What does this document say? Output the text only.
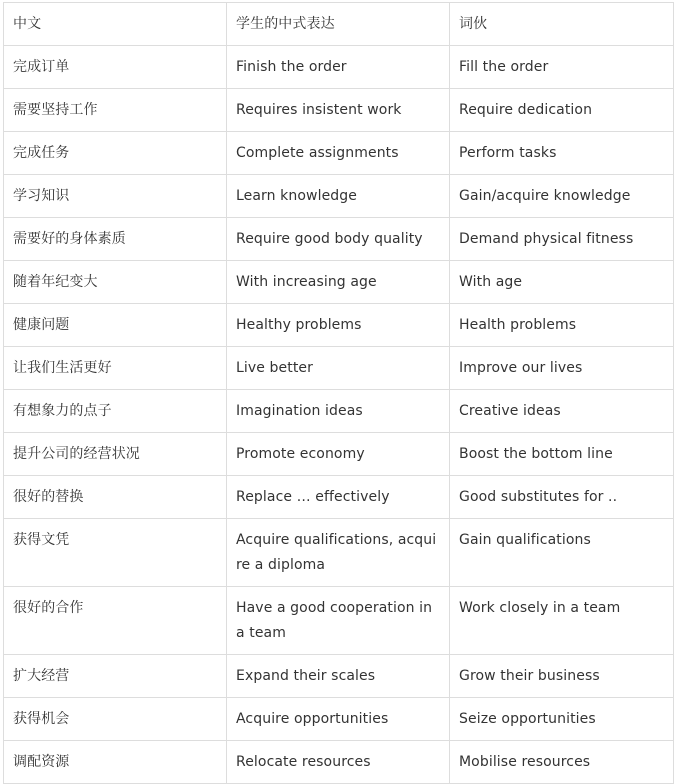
中文	学生的中式表达	词伙
完成订单	Finish the order	Fill the order
需要坚持工作	Requires insistent work	Require dedication
完成任务	Complete assignments	Perform tasks
学习知识	Learn knowledge	Gain/acquire knowledge
需要好的身体素质	Require good body quality	Demand physical fitness
随着年纪变大	With increasing age	With age
健康问题	Healthy problems	Health problems
让我们生活更好	Live better	Improve our lives
有想象力的点子	Imagination ideas	Creative ideas
提升公司的经营状况	Promote economy	Boost the bottom line
很好的替换	Replace … effectively	Good substitutes for ..
获得文凭	Acquire qualifications, acquire a diploma	Gain qualifications
很好的合作	Have a good cooperation in a team	Work closely in a team
扩大经营	Expand their scales	Grow their business
获得机会	Acquire opportunities	Seize opportunities
调配资源	Relocate resources	Mobilise resources
